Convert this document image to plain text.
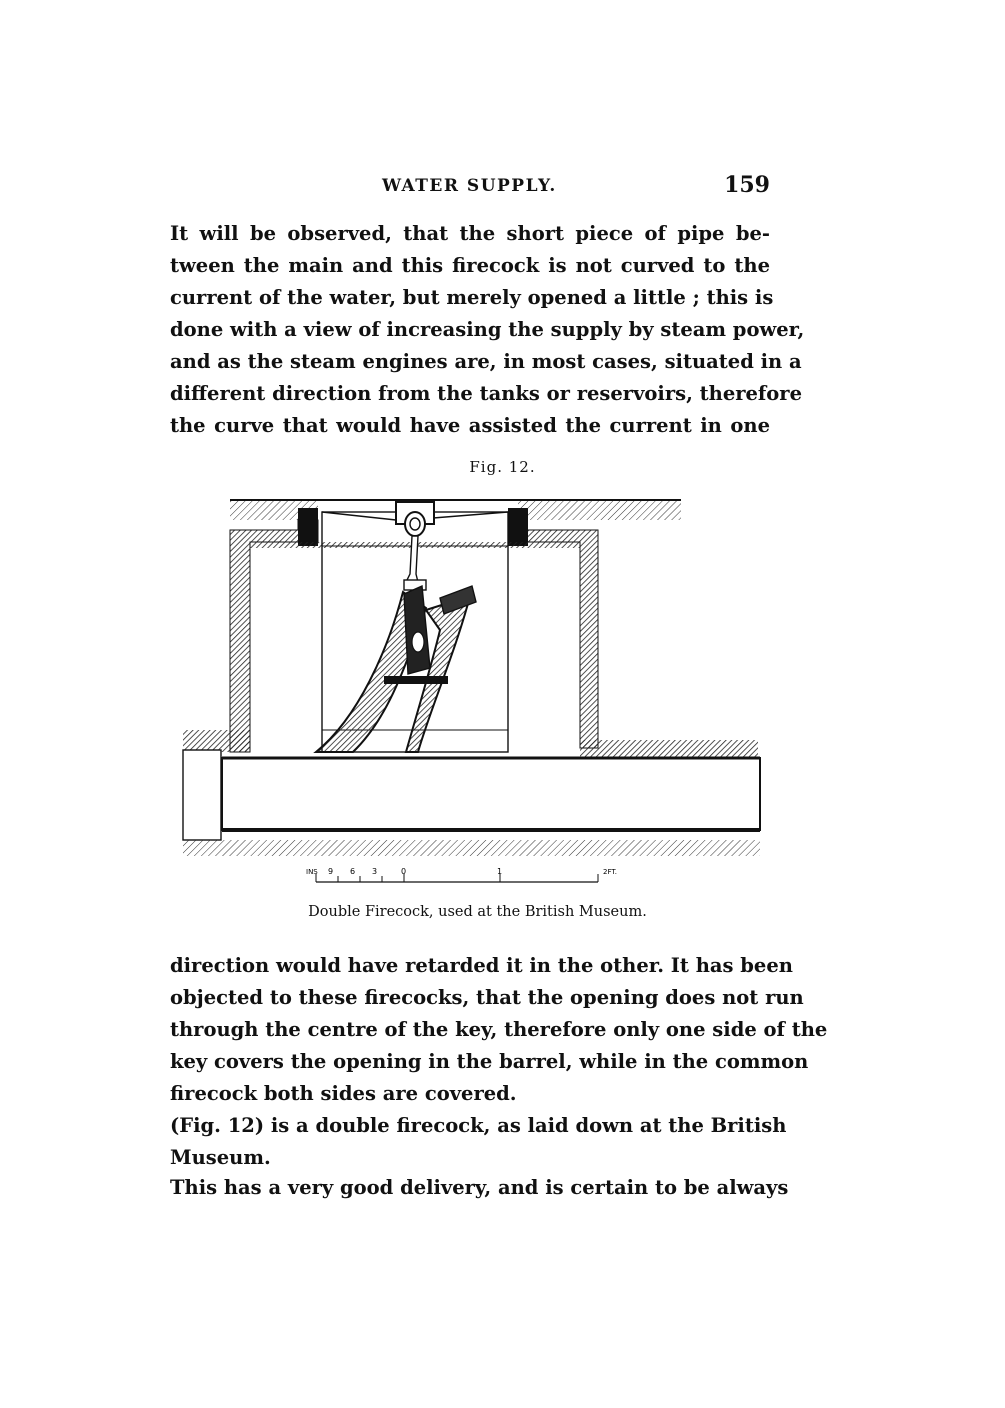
WATER SUPPLY.	159
It will be observed, that the short piece of pipe be-
tween the main and this firecock is not curved to the
current of the water, but merely opened a little ; this is
done with a view of increasing the supply by steam power,
and as the steam engines are, in most cases, situated in a
different direction from the tanks or reservoirs, therefore
the curve that would have assisted the current in one
Fig. 12.
INS 9 6 3	0	1	2FT.
Double Firecock, used at the British Museum.
direction would have retarded it in the other. It has been
objected to these firecocks, that the opening does not run
through the centre of the key, therefore only one side of the
key covers the opening in the barrel, while in the common
firecock both sides are covered.
(Fig. 12) is a double firecock, as laid down at the British
Museum.
This has a very good delivery, and is certain to be always
